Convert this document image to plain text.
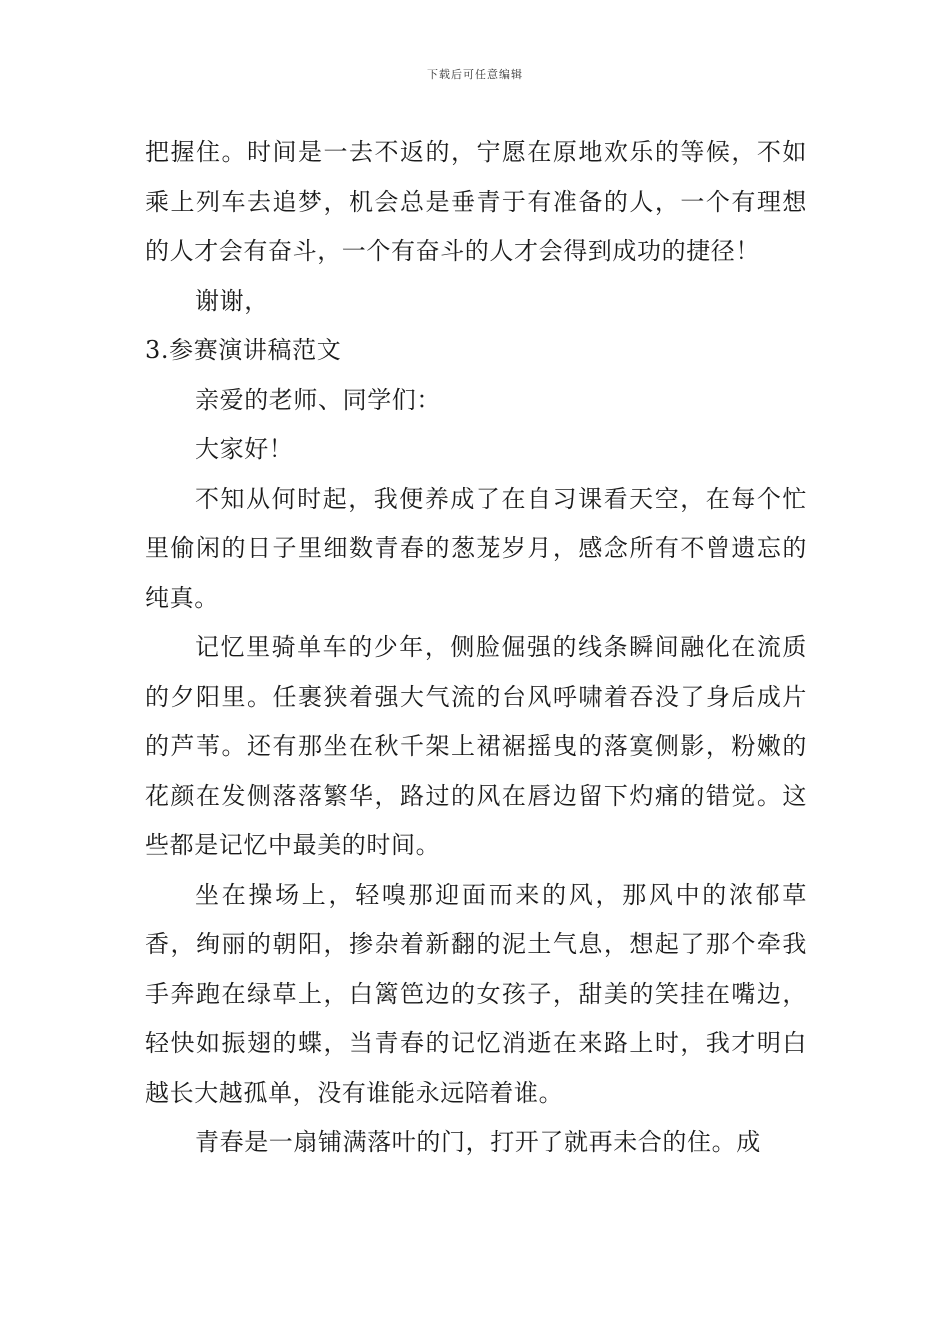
下载后可任意编辑

把握住。时间是一去不返的，宁愿在原地欢乐的等候，不如乘上列车去追梦，机会总是垂青于有准备的人，一个有理想的人才会有奋斗，一个有奋斗的人才会得到成功的捷径！

谢谢，

3.参赛演讲稿范文

亲爱的老师、同学们：

大家好！

不知从何时起，我便养成了在自习课看天空，在每个忙里偷闲的日子里细数青春的葱茏岁月，感念所有不曾遗忘的纯真。

记忆里骑单车的少年，侧脸倔强的线条瞬间融化在流质的夕阳里。任裹狭着强大气流的台风呼啸着吞没了身后成片的芦苇。还有那坐在秋千架上裙裾摇曳的落寞侧影，粉嫩的花颜在发侧落落繁华，路过的风在唇边留下灼痛的错觉。这些都是记忆中最美的时间。

坐在操场上，轻嗅那迎面而来的风，那风中的浓郁草香，绚丽的朝阳，掺杂着新翻的泥土气息，想起了那个牵我手奔跑在绿草上，白篱笆边的女孩子，甜美的笑挂在嘴边，轻快如振翅的蝶，当青春的记忆消逝在来路上时，我才明白越长大越孤单，没有谁能永远陪着谁。

青春是一扇铺满落叶的门，打开了就再未合的住。成
